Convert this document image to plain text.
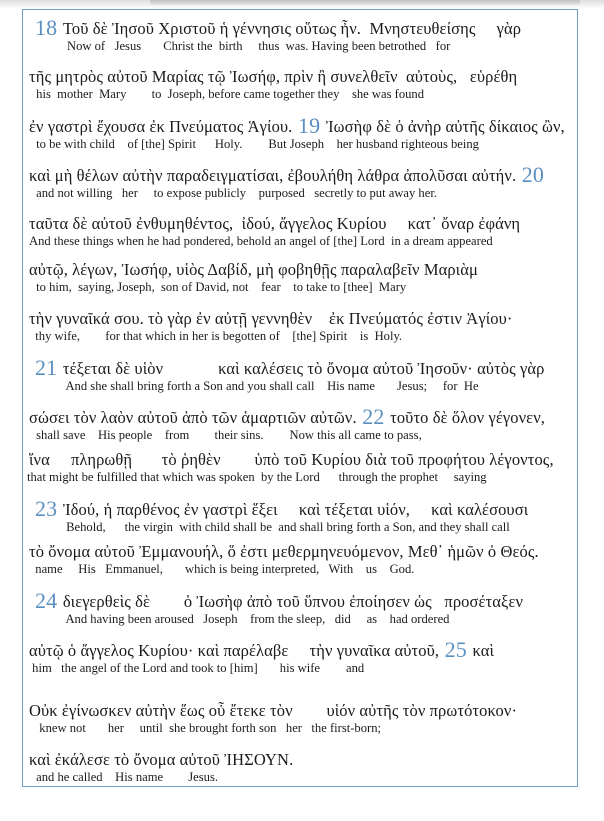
18 Τοῦ δὲ Ἰησοῦ Χριστοῦ ἡ γέννησις οὕτως ἦν.  Μνηστευθείσης     γὰρ
Now of   Jesus       Christ the  birth     thus  was. Having been betrothed   for
τῆς μητρὸς αὐτοῦ Μαρίας τῷ Ἰωσήφ, πρὶν ἢ συνελθεῖν  αὐτοὺς,   εὑρέθη
his  mother  Mary        to  Joseph, before came together they    she was found
ἐν γαστρὶ ἔχουσα ἐκ Πνεύματος Ἁγίου. 19 Ἰωσὴφ δὲ ὁ ἀνὴρ αὐτῆς δίκαιος ὢν,
to be with child    of [the] Spirit      Holy. But Joseph    her husband righteous being
καὶ μὴ θέλων αὐτὴν παραδειγματίσαι, ἐβουλήθη λάθρα ἀπολῦσαι αὐτήν. 20
and not willing   her     to expose publicly    purposed   secretly to put away her.
ταῦτα δὲ αὐτοῦ ἐνθυμηθέντος,  ἰδού, ἄγγελος Κυρίου     κατ᾽ ὄναρ ἐφάνη
And these things when he had pondered, behold an angel of [the] Lord  in a dream appeared
αὐτῷ, λέγων, Ἰωσήφ, υἱὸς Δαβίδ, μὴ φοβηθῇς παραλαβεῖν Μαριὰμ
to him,  saying, Joseph,  son of David, not    fear    to take to [thee]  Mary
τὴν γυναῖκά σου. τὸ γὰρ ἐν αὐτῇ γεννηθὲν    ἐκ Πνεύματός ἐστιν Ἁγίου·
thy wife,        for that which in her is begotten of    [the] Spirit    is  Holy.
21 τέξεται δὲ υἱὸν             καὶ καλέσεις τὸ ὄνομα αὐτοῦ Ἰησοῦν· αὐτὸς γὰρ
And she shall bring forth a Son and you shall call    His name       Jesus;     for  He
σώσει τὸν λαὸν αὐτοῦ ἀπὸ τῶν ἁμαρτιῶν αὐτῶν. 22 τοῦτο δὲ ὅλον γέγονεν,
shall save    His people    from        their sins. Now this all came to pass,
ἵνα     πληρωθῇ       τὸ ῥηθὲν        ὑπὸ τοῦ Κυρίου διὰ τοῦ προφήτου λέγοντος,
that might be fulfilled that which was spoken  by the Lord      through the prophet     saying
23 Ἰδού, ἡ παρθένος ἐν γαστρὶ ἕξει     καὶ τέξεται υἱόν,     καὶ καλέσουσι
Behold,      the virgin  with child shall be  and shall bring forth a Son, and they shall call
τὸ ὄνομα αὐτοῦ Ἐμμανουήλ, ὅ ἐστι μεθερμηνευόμενον, Μεθ᾽ ἡμῶν ὁ Θεός.
name     His   Emmanuel,       which is being interpreted,   With    us    God.
24 διεγερθεὶς δὲ        ὁ Ἰωσὴφ ἀπὸ τοῦ ὕπνου ἐποίησεν ὡς   προσέταξεν
And having been aroused   Joseph    from the sleep,   did     as    had ordered
αὐτῷ ὁ ἄγγελος Κυρίου· καὶ παρέλαβε     τὴν γυναῖκα αὐτοῦ, 25 καὶ
him   the angel of the Lord and took to [him]       his wife and
Οὐκ ἐγίνωσκεν αὐτὴν ἕως οὗ ἔτεκε τὸν        υἱόν αὐτῆς τὸν πρωτότοκον·
knew not       her     until  she brought forth son   her   the first-born;
καὶ ἐκάλεσε τὸ ὄνομα αὐτοῦ ἸΗΣΟΥΝ.
and he called    His name        Jesus.
